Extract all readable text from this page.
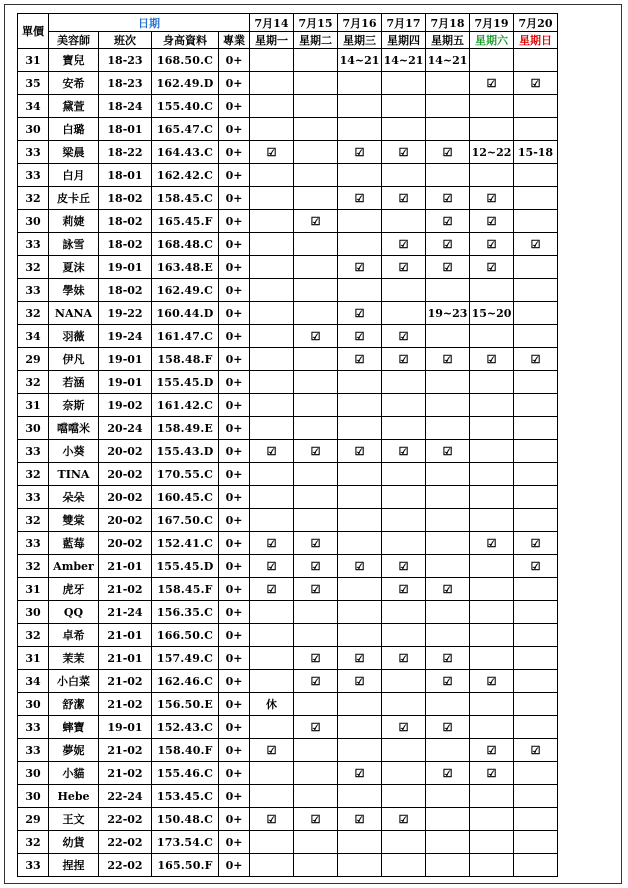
單價	日期				7月14	7月15	7月16	7月17	7月18	7月19	7月20
	美容師	班次	身高資料	專業	星期一	星期二	星期三	星期四	星期五	星期六	星期日
31	寶兒	18-23	168.50.C	0+			14~21	14~21	14~21		
35	安希	18-23	162.49.D	0+						☑	☑
34	黛萱	18-24	155.40.C	0+							
30	白璐	18-01	165.47.C	0+							
33	梁晨	18-22	164.43.C	0+	☑		☑	☑	☑	12~22	15-18
33	白月	18-01	162.42.C	0+							
32	皮卡丘	18-02	158.45.C	0+			☑	☑	☑	☑	
30	莉婕	18-02	165.45.F	0+		☑			☑	☑	
33	詠雪	18-02	168.48.C	0+				☑	☑	☑	☑
32	夏沫	19-01	163.48.E	0+			☑	☑	☑	☑	
33	學妹	18-02	162.49.C	0+							
32	NANA	19-22	160.44.D	0+			☑		19~23	15~20	
34	羽薇	19-24	161.47.C	0+		☑	☑	☑			
29	伊凡	19-01	158.48.F	0+			☑	☑	☑	☑	☑
32	若涵	19-01	155.45.D	0+							
31	奈斯	19-02	161.42.C	0+							
30	噹噹米	20-24	158.49.E	0+							
33	小葵	20-02	155.43.D	0+	☑	☑	☑	☑	☑		
32	TINA	20-02	170.55.C	0+							
33	朵朵	20-02	160.45.C	0+							
32	雙棠	20-02	167.50.C	0+							
33	藍莓	20-02	152.41.C	0+	☑	☑				☑	☑
32	Amber	21-01	155.45.D	0+	☑	☑	☑	☑			☑
31	虎牙	21-02	158.45.F	0+	☑	☑		☑	☑		
30	QQ	21-24	156.35.C	0+							
32	卓希	21-01	166.50.C	0+							
31	茉茉	21-01	157.49.C	0+		☑	☑	☑	☑		
34	小白菜	21-02	162.46.C	0+		☑	☑		☑	☑	
30	舒潔	21-02	156.50.E	0+	休						
33	蟀寶	19-01	152.43.C	0+		☑		☑	☑		
33	夢妮	21-02	158.40.F	0+	☑					☑	☑
30	小貓	21-02	155.46.C	0+			☑		☑	☑	
30	Hebe	22-24	153.45.C	0+							
29	王文	22-02	150.48.C	0+	☑	☑	☑	☑			
32	幼貨	22-02	173.54.C	0+							
33	捏捏	22-02	165.50.F	0+							
